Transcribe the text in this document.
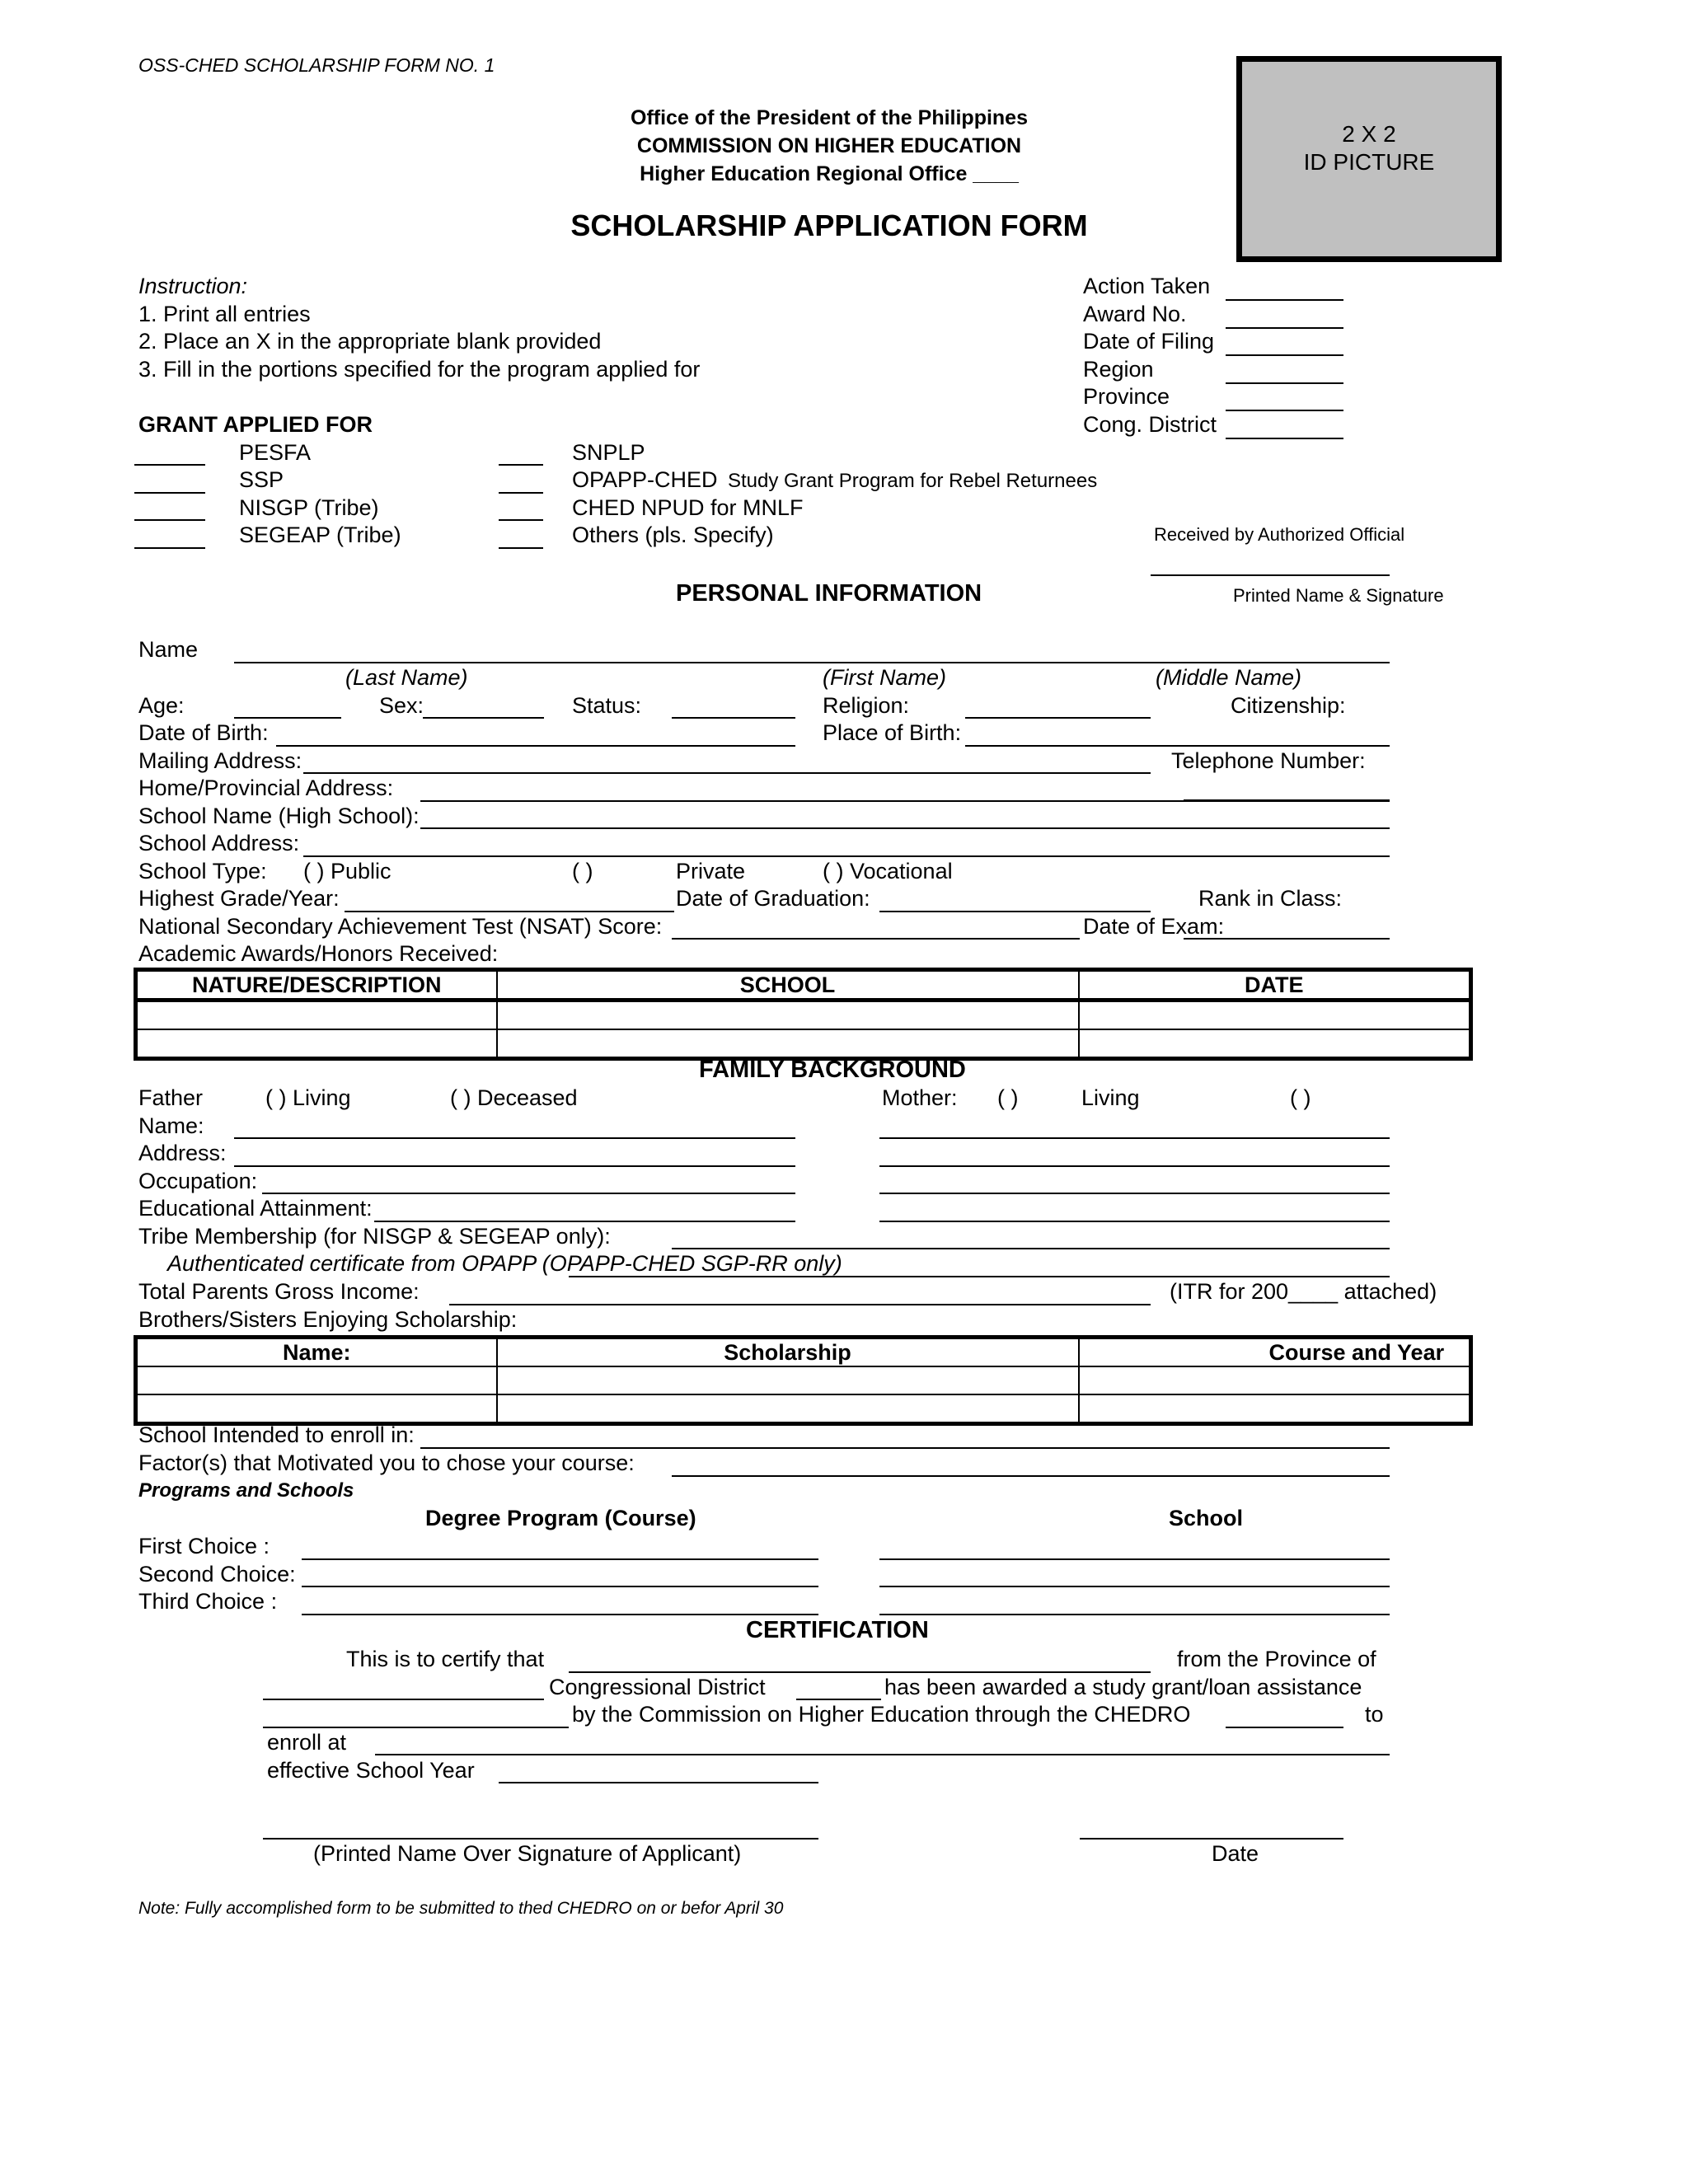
OSS-CHED SCHOLARSHIP FORM NO. 1
Office of the President of the Philippines
COMMISSION ON HIGHER EDUCATION
Higher Education Regional Office ____
SCHOLARSHIP APPLICATION FORM
2 X 2
ID PICTURE
Instruction:
1. Print all entries
2. Place an X in the appropriate blank provided
3. Fill in the portions specified for the program applied for
Action Taken
Award No.
Date of Filing
Region
Province
Cong. District
Received by Authorized Official
Printed Name & Signature
GRANT APPLIED FOR
PESFA
SSP
NISGP (Tribe)
SEGEAP (Tribe)
SNPLP
OPAPP-CHED Study Grant Program for Rebel Returnees
CHED NPUD for MNLF
Others (pls. Specify)
PERSONAL INFORMATION
Name
(Last Name)	(First Name)	(Middle Name)
Age:	Sex:	Status:	Religion:	Citizenship:
Date of Birth:	Place of Birth:
Mailing Address:	Telephone Number:
Home/Provincial Address:
School Name (High School):
School Address:
School Type: ( ) Public	( )	Private	( ) Vocational
Highest Grade/Year:	Date of Graduation:	Rank in Class:
National Secondary Achievement Test (NSAT) Score:	Date of Exam:
Academic Awards/Honors Received:
NATURE/DESCRIPTION	SCHOOL	DATE

FAMILY BACKGROUND
Father	( ) Living	( ) Deceased	Mother: ( )	Living	( )
Name:
Address:
Occupation:
Educational Attainment:
Tribe Membership (for NISGP & SEGEAP only):
Authenticated certificate from OPAPP (OPAPP-CHED SGP-RR only)
Total Parents Gross Income:	(ITR for 200____ attached)
Brothers/Sisters Enjoying Scholarship:
Name:	Scholarship	Course and Year

School Intended to enroll in:
Factor(s) that Motivated you to chose your course:
Programs and Schools
Degree Program (Course)	School
First Choice :
Second Choice:
Third Choice :
CERTIFICATION
This is to certify that	from the Province of
Congressional District	has been awarded a study grant/loan assistance
by the Commission on Higher Education through the CHEDRO	to
enroll at
effective School Year
(Printed Name Over Signature of Applicant)	Date
Note: Fully accomplished form to be submitted to thed CHEDRO on or befor April 30
